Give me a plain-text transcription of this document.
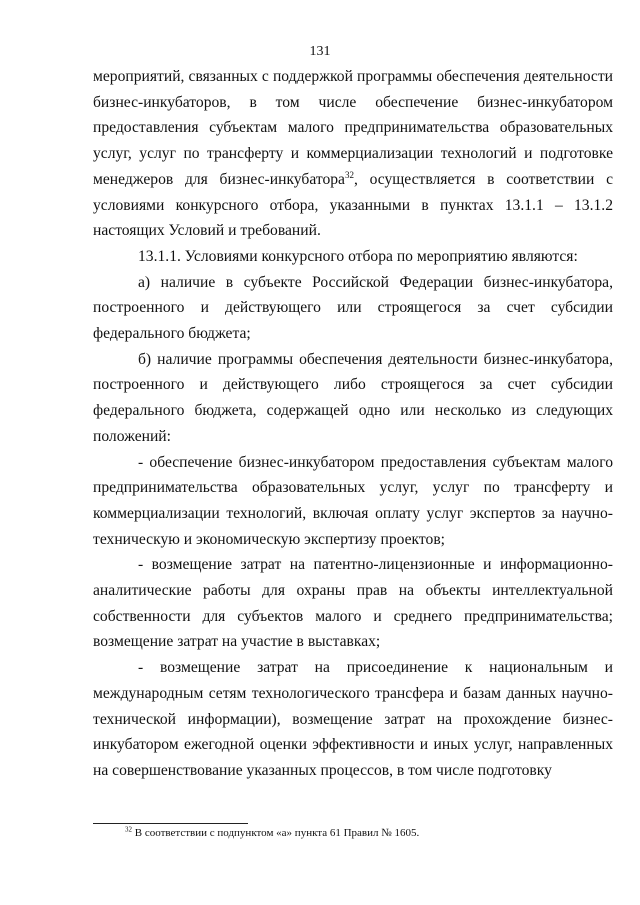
131

мероприятий, связанных с поддержкой программы обеспечения деятельности бизнес-инкубаторов, в том числе обеспечение бизнес-инкубатором предоставления субъектам малого предпринимательства образовательных услуг, услуг по трансферту и коммерциализации технологий и подготовке менеджеров для бизнес-инкубатора$^{32}$, осуществляется в соответствии с условиями конкурсного отбора, указанными в пунктах 13.1.1 – 13.1.2 настоящих Условий и требований.

13.1.1. Условиями конкурсного отбора по мероприятию являются:

а) наличие в субъекте Российской Федерации бизнес-инкубатора, построенного и действующего или строящегося за счет субсидии федерального бюджета;

б) наличие программы обеспечения деятельности бизнес-инкубатора, построенного и действующего либо строящегося за счет субсидии федерального бюджета, содержащей одно или несколько из следующих положений:

- обеспечение бизнес-инкубатором предоставления субъектам малого предпринимательства образовательных услуг, услуг по трансферту и коммерциализации технологий, включая оплату услуг экспертов за научно-техническую и экономическую экспертизу проектов;

- возмещение затрат на патентно-лицензионные и информационно-аналитические работы для охраны прав на объекты интеллектуальной собственности для субъектов малого и среднего предпринимательства; возмещение затрат на участие в выставках;

- возмещение затрат на присоединение к национальным и международным сетям технологического трансфера и базам данных научно-технической информации), возмещение затрат на прохождение бизнес-инкубатором ежегодной оценки эффективности и иных услуг, направленных на совершенствование указанных процессов, в том числе подготовку

$^{32}$ В соответствии с подпунктом «а» пункта 61 Правил № 1605.
